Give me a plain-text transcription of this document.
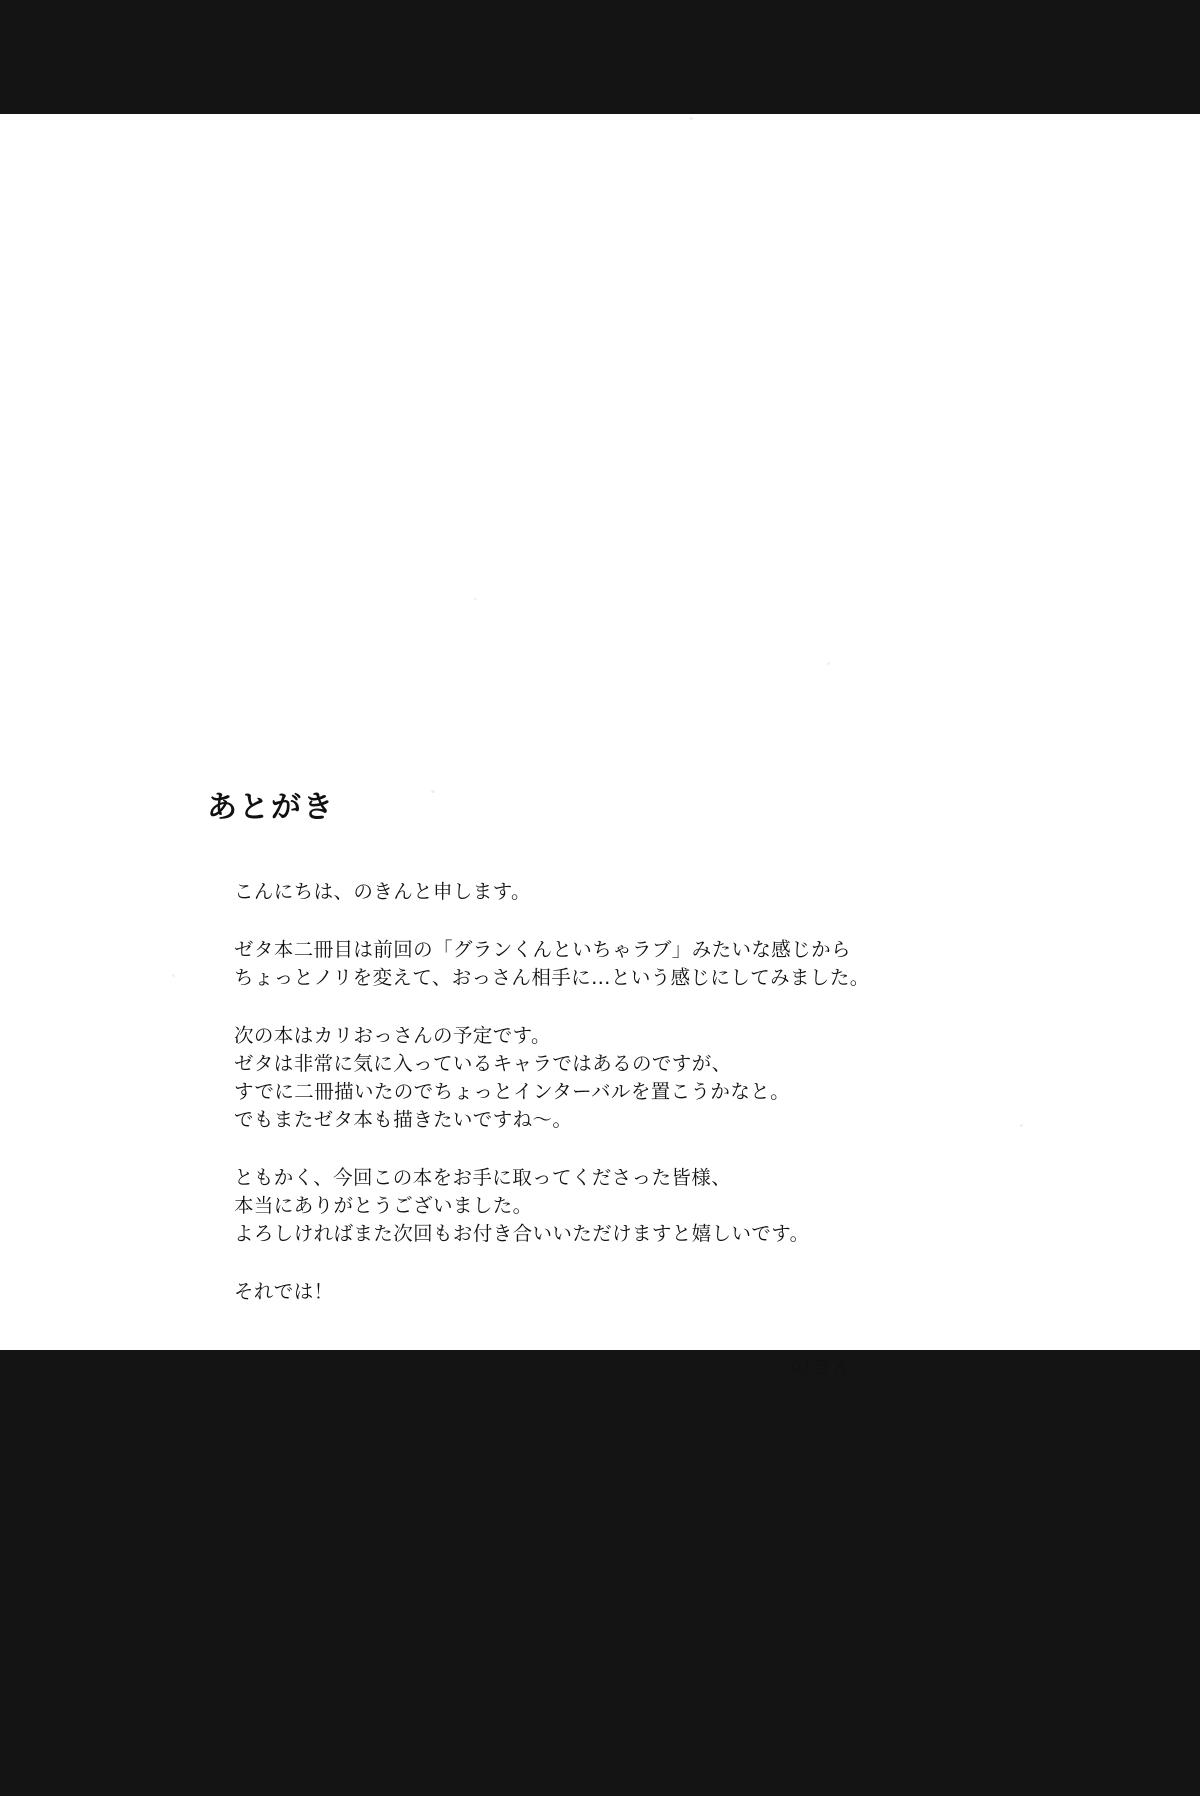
あとがき

こんにちは、のきんと申します。

ゼタ本二冊目は前回の「グランくんといちゃラブ」みたいな感じから
ちょっとノリを変えて、おっさん相手に…という感じにしてみました。

次の本はカリおっさんの予定です。
ゼタは非常に気に入っているキャラではあるのですが、
すでに二冊描いたのでちょっとインターバルを置こうかなと。
でもまたゼタ本も描きたいですね〜。

ともかく、今回この本をお手に取ってくださった皆様、
本当にありがとうございました。
よろしければまた次回もお付き合いいただけますと嬉しいです。

それでは！

のきん
